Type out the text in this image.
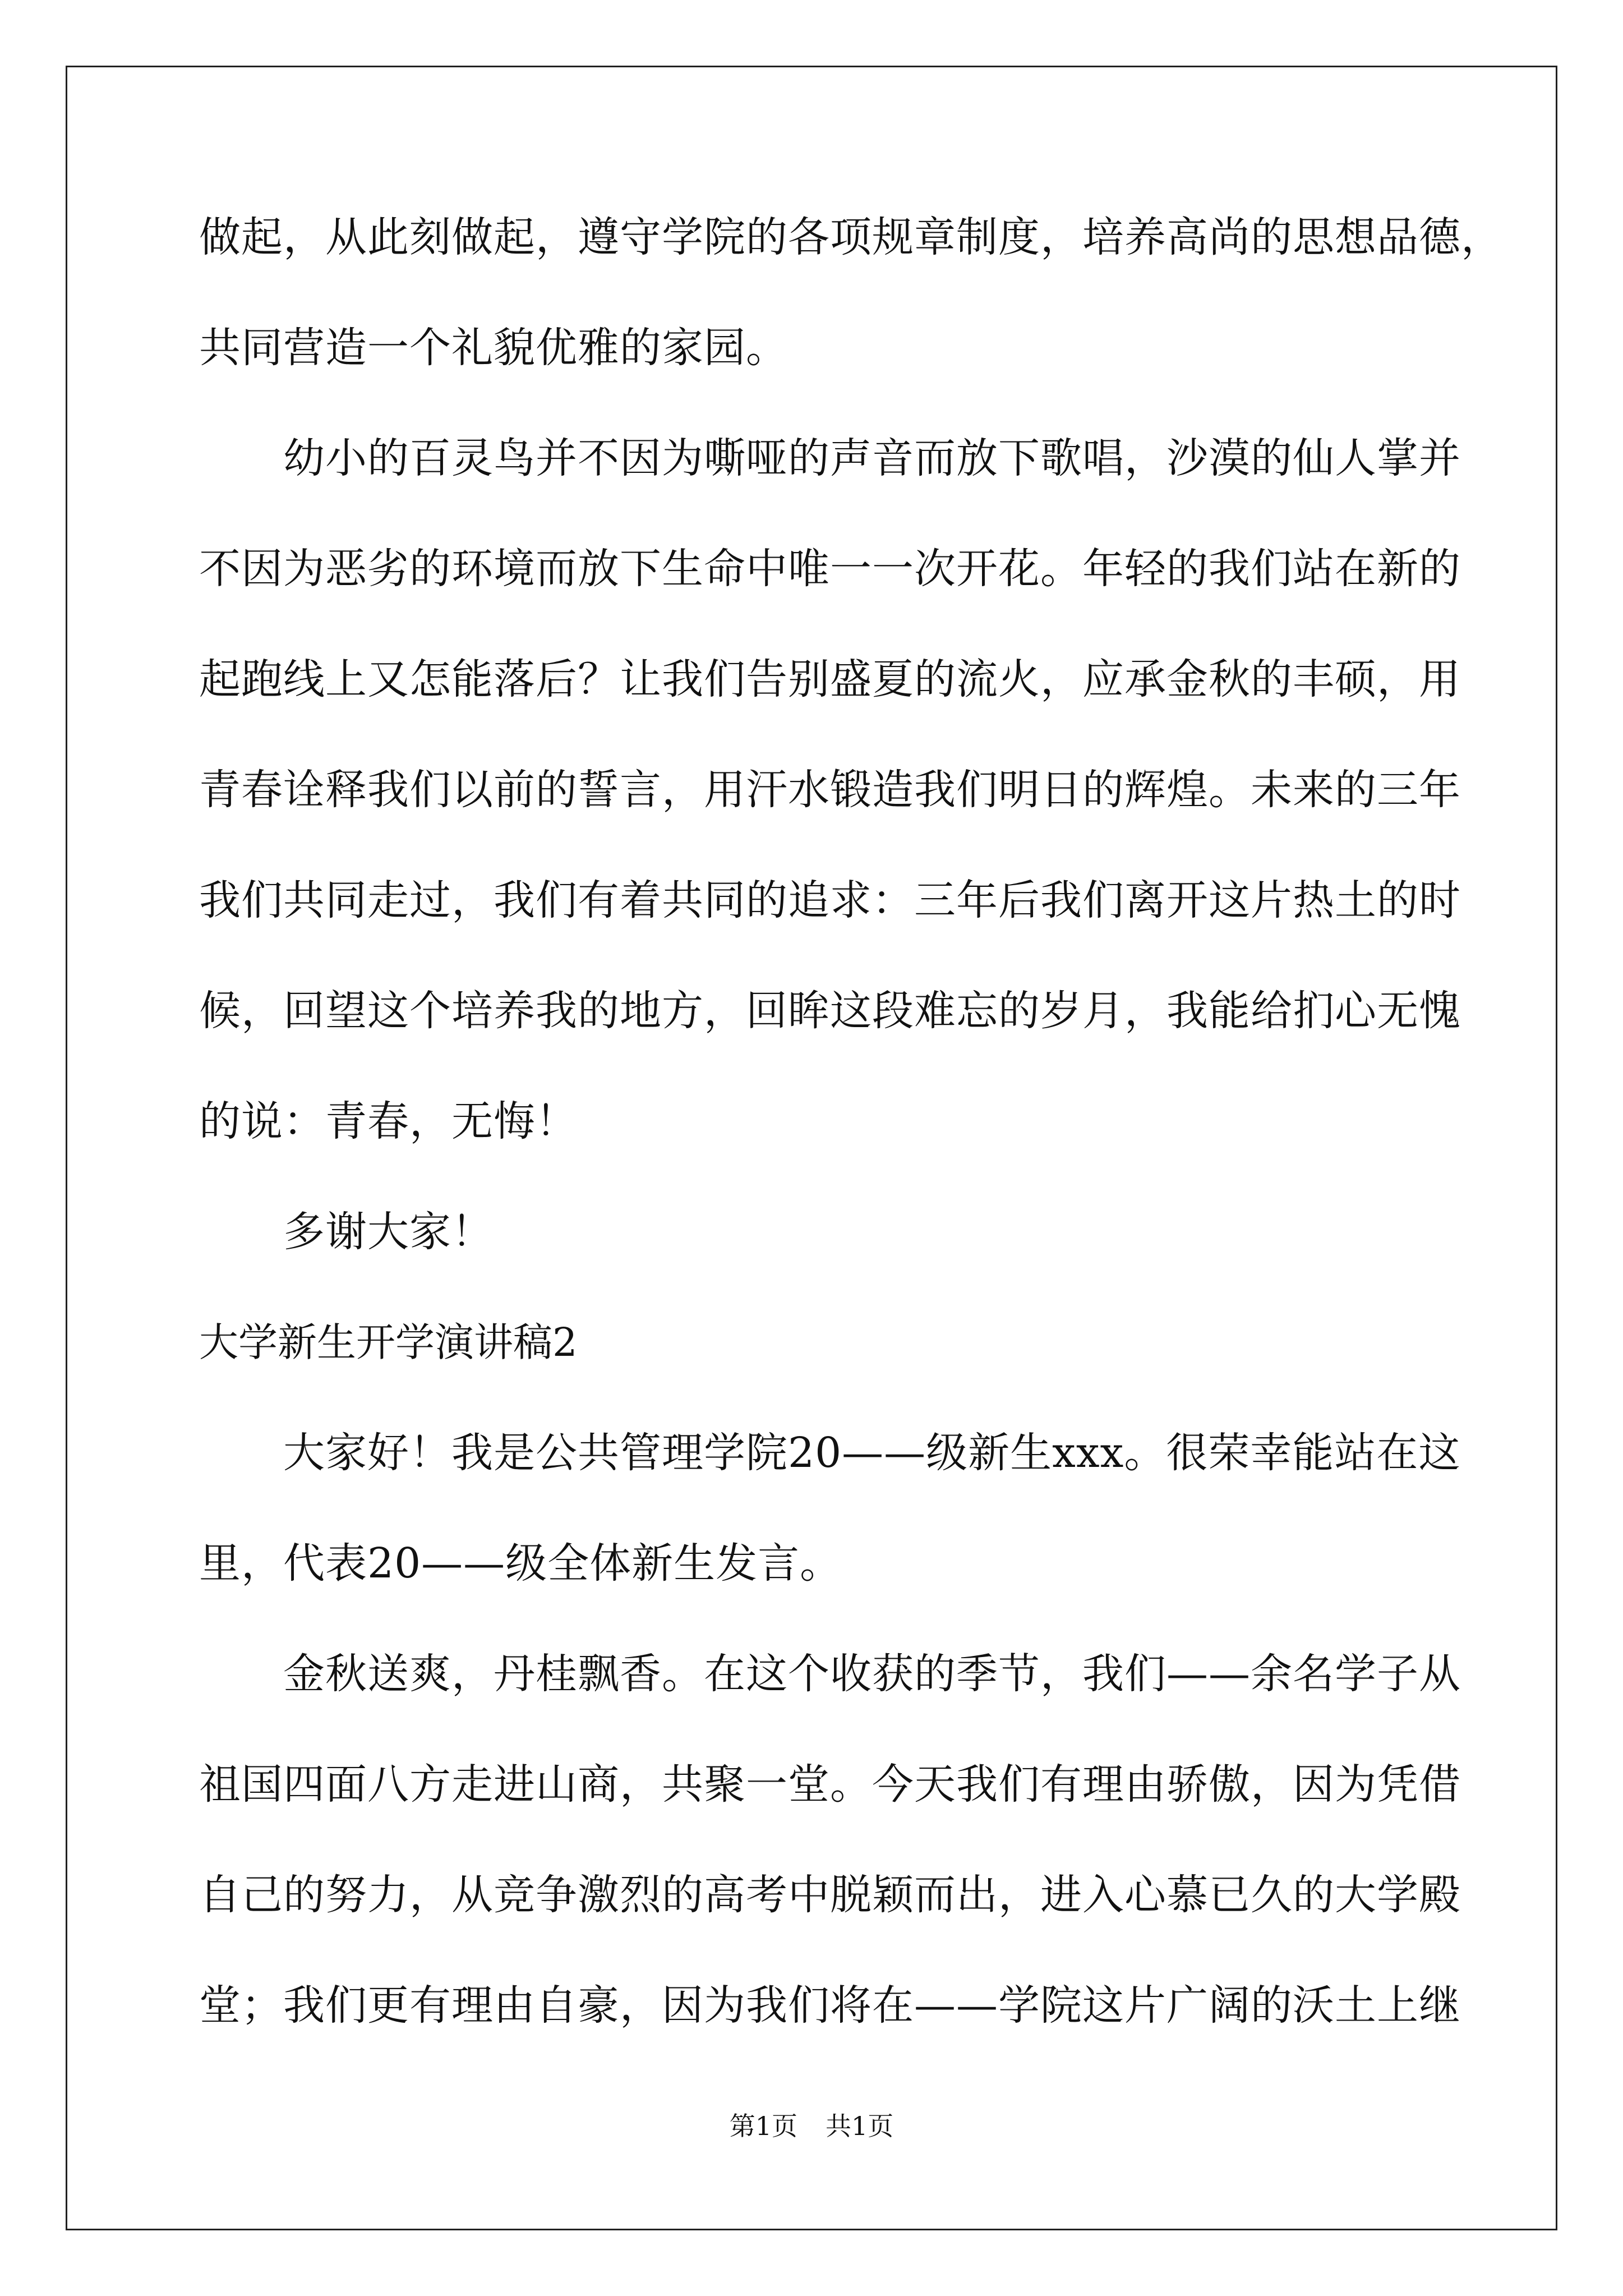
做起，从此刻做起，遵守学院的各项规章制度，培养高尚的思想品德，
共同营造一个礼貌优雅的家园。
幼小的百灵鸟并不因为嘶哑的声音而放下歌唱，沙漠的仙人掌并
不因为恶劣的环境而放下生命中唯一一次开花。年轻的我们站在新的
起跑线上又怎能落后？让我们告别盛夏的流火，应承金秋的丰硕，用
青春诠释我们以前的誓言，用汗水锻造我们明日的辉煌。未来的三年
我们共同走过，我们有着共同的追求：三年后我们离开这片热土的时
候，回望这个培养我的地方，回眸这段难忘的岁月，我能给扪心无愧
的说：青春，无悔！
多谢大家！
大学新生开学演讲稿2
大家好！我是公共管理学院20——级新生xxx。很荣幸能站在这
里，代表20——级全体新生发言。
金秋送爽，丹桂飘香。在这个收获的季节，我们——余名学子从
祖国四面八方走进山商，共聚一堂。今天我们有理由骄傲，因为凭借
自己的努力，从竞争激烈的高考中脱颖而出，进入心慕已久的大学殿
堂；我们更有理由自豪，因为我们将在——学院这片广阔的沃土上继
第1页 共1页
